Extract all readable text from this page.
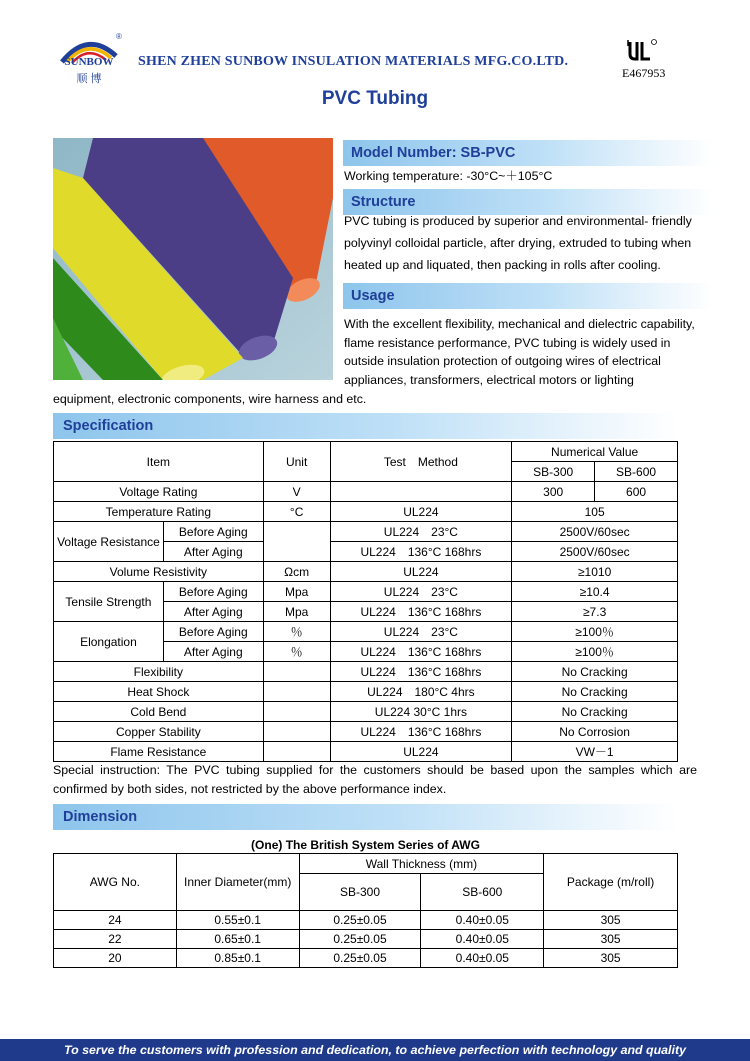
SUNBOW
顺 博
®
SHEN ZHEN SUNBOW INSULATION MATERIALS MFG.CO.LTD.
E467953
PVC Tubing
Model Number: SB-PVC
Working temperature: -30°C~＋105°C
Structure
PVC tubing is produced by superior and environmental- friendly
polyvinyl colloidal particle, after drying, extruded to tubing when
heated up and liquated, then packing in rolls after cooling.
Usage
With the excellent flexibility, mechanical and dielectric capability,
flame resistance performance, PVC tubing is widely used in
outside insulation protection of outgoing wires of electrical
appliances, transformers, electrical motors or lighting
equipment, electronic components, wire harness and etc.
Specification
Item		Unit	Test　Method	Numerical Value	
				SB-300	SB-600
Voltage Rating		V		300	600
Temperature Rating		°C	UL224	105	
Voltage Resistance	Before Aging		UL224　23°C	2500V/60sec	
	After Aging		UL224　136°C 168hrs	2500V/60sec	
Volume Resistivity		Ωcm	UL224	≥1010	
Tensile Strength	Before Aging	Mpa	UL224　23°C	≥10.4	
	After Aging	Mpa	UL224　136°C 168hrs	≥7.3	
Elongation	Before Aging	％	UL224　23°C	≥100％	
	After Aging	％	UL224　136°C 168hrs	≥100％	
Flexibility			UL224　136°C 168hrs	No Cracking	
Heat Shock			UL224　180°C 4hrs	No Cracking	
Cold Bend			UL224 30°C 1hrs	No Cracking	
Copper Stability			UL224　136°C 168hrs	No Corrosion	
Flame Resistance			UL224	VW－1	
Special instruction: The PVC tubing supplied for the customers should be based upon the samples which are confirmed by both sides, not restricted by the above performance index.
Dimension
(One) The British System Series of AWG
AWG No.	Inner Diameter(mm)	Wall Thickness (mm)		Package (m/roll)
		SB-300	SB-600	
24	0.55±0.1	0.25±0.05	0.40±0.05	305
22	0.65±0.1	0.25±0.05	0.40±0.05	305
20	0.85±0.1	0.25±0.05	0.40±0.05	305
To serve the customers with profession and dedication, to achieve perfection with technology and quality
